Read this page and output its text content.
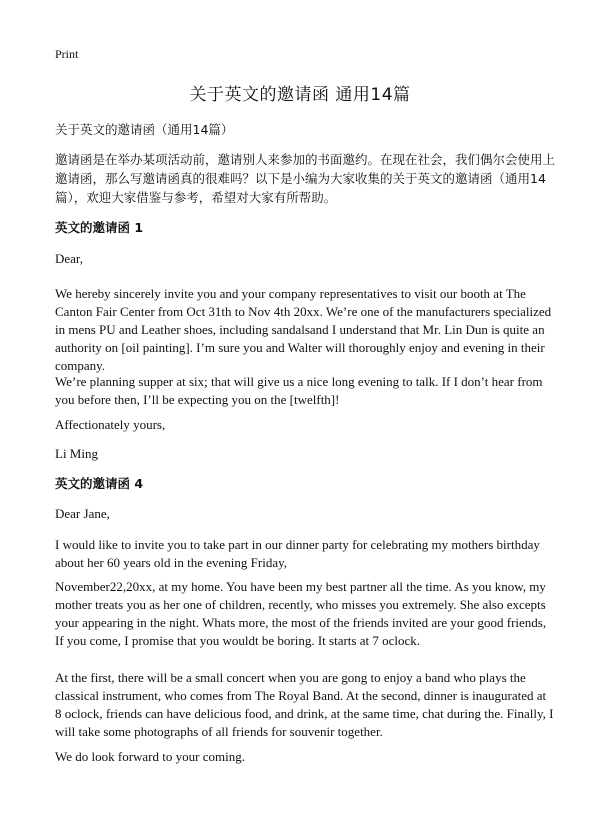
Print
关于英文的邀请函 通用14篇
关于英文的邀请函（通用14篇）
邀请函是在举办某项活动前，邀请别人来参加的书面邀约。在现在社会，我们偶尔会使用上邀请函，那么写邀请函真的很难吗？以下是小编为大家收集的关于英文的邀请函（通用14篇），欢迎大家借鉴与参考，希望对大家有所帮助。
英文的邀请函 1
Dear,
We hereby sincerely invite you and your company representatives to visit our booth at The Canton Fair Center from Oct 31th to Nov 4th 20xx. We’re one of the manufacturers specialized in mens PU and Leather shoes, including sandalsand I understand that Mr. Lin Dun is quite an authority on [oil painting]. I’m sure you and Walter will thoroughly enjoy and evening in their company.
We’re planning supper at six; that will give us a nice long evening to talk. If I don’t hear from you before then, I’ll be expecting you on the [twelfth]!
Affectionately yours,
Li Ming
英文的邀请函 4
Dear Jane,
I would like to invite you to take part in our dinner party for celebrating my mothers birthday about her 60 years old in the evening Friday,
November22,20xx, at my home. You have been my best partner all the time. As you know, my mother treats you as her one of children, recently, who misses you extremely. She also excepts your appearing in the night. Whats more, the most of the friends invited are your good friends, If you come, I promise that you wouldt be boring. It starts at 7 oclock.
At the first, there will be a small concert when you are gong to enjoy a band who plays the classical instrument, who comes from The Royal Band. At the second, dinner is inaugurated at 8 oclock, friends can have delicious food, and drink, at the same time, chat during the. Finally, I will take some photographs of all friends for souvenir together.
We do look forward to your coming.
